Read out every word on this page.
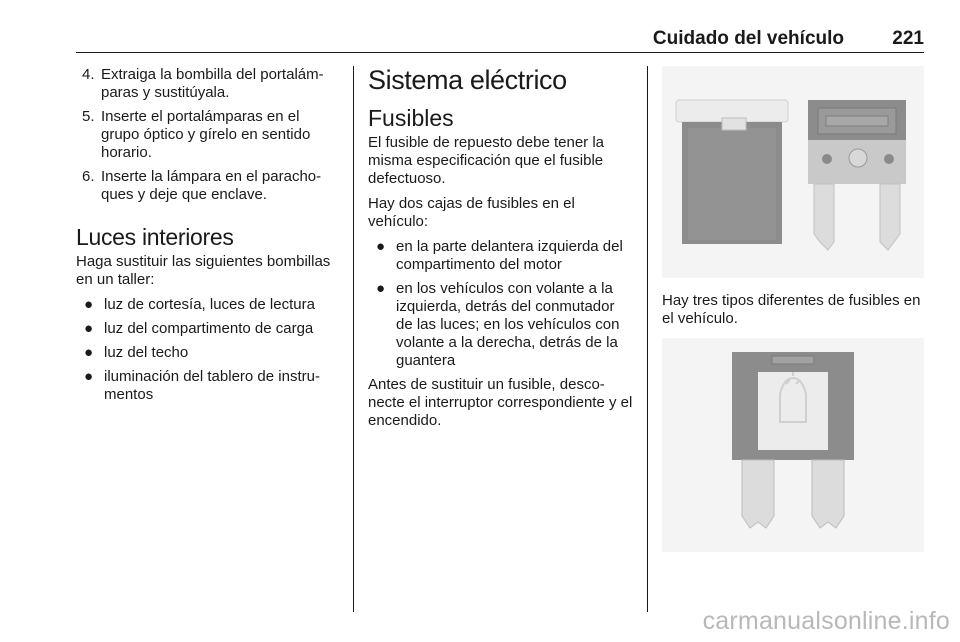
Cuidado del vehículo	221
4. Extraiga la bombilla del portalámparas y sustitúyala.
5. Inserte el portalámparas en el grupo óptico y gírelo en sentido horario.
6. Inserte la lámpara en el parachoques y deje que enclave.
Luces interiores

Haga sustituir las siguientes bombillas en un taller:

● luz de cortesía, luces de lectura
● luz del compartimento de carga
● luz del techo
● iluminación del tablero de instrumentos
Sistema eléctrico
Fusibles

El fusible de repuesto debe tener la misma especificación que el fusible defectuoso.

Hay dos cajas de fusibles en el vehículo:

● en la parte delantera izquierda del compartimento del motor
● en los vehículos con volante a la izquierda, detrás del conmutador de las luces; en los vehículos con volante a la derecha, detrás de la guantera

Antes de sustituir un fusible, desconecte el interruptor correspondiente y el encendido.

Hay tres tipos diferentes de fusibles en el vehículo.

carmanualsonline.info
